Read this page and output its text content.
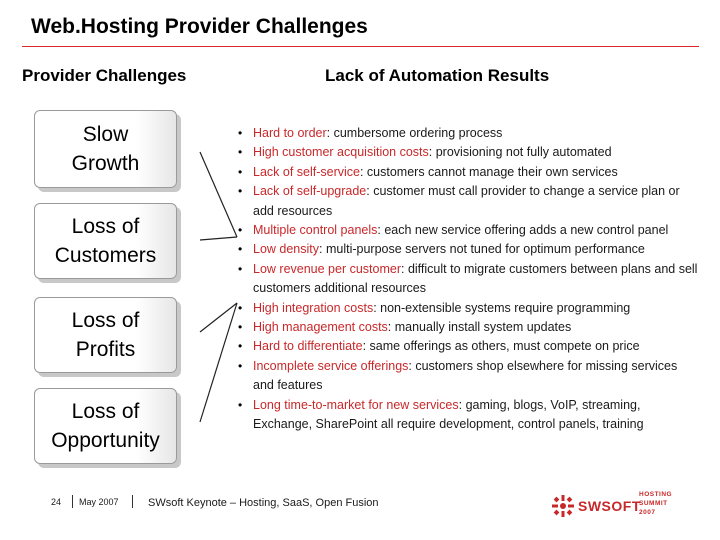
Web.Hosting Provider Challenges
Provider Challenges	Lack of Automation Results
Slow
Growth
Loss of
Customers
Loss of
Profits
Loss of
Opportunity
• Hard to order: cumbersome ordering process
• High customer acquisition costs: provisioning not fully automated
• Lack of self-service: customers cannot manage their own services
• Lack of self-upgrade: customer must call provider to change a service plan or add resources
• Multiple control panels: each new service offering adds a new control panel
• Low density: multi-purpose servers not tuned for optimum performance
• Low revenue per customer: difficult to migrate customers between plans and sell customers additional resources
• High integration costs: non-extensible systems require programming
• High management costs: manually install system updates
• Hard to differentiate: same offerings as others, must compete on price
• Incomplete service offerings: customers shop elsewhere for missing services and features
• Long time-to-market for new services: gaming, blogs, VoIP, streaming, Exchange, SharePoint all require development, control panels, training
24 May 2007	SWsoft Keynote – Hosting, SaaS, Open Fusion	SWSOFT
HOSTING
SUMMIT
2007
